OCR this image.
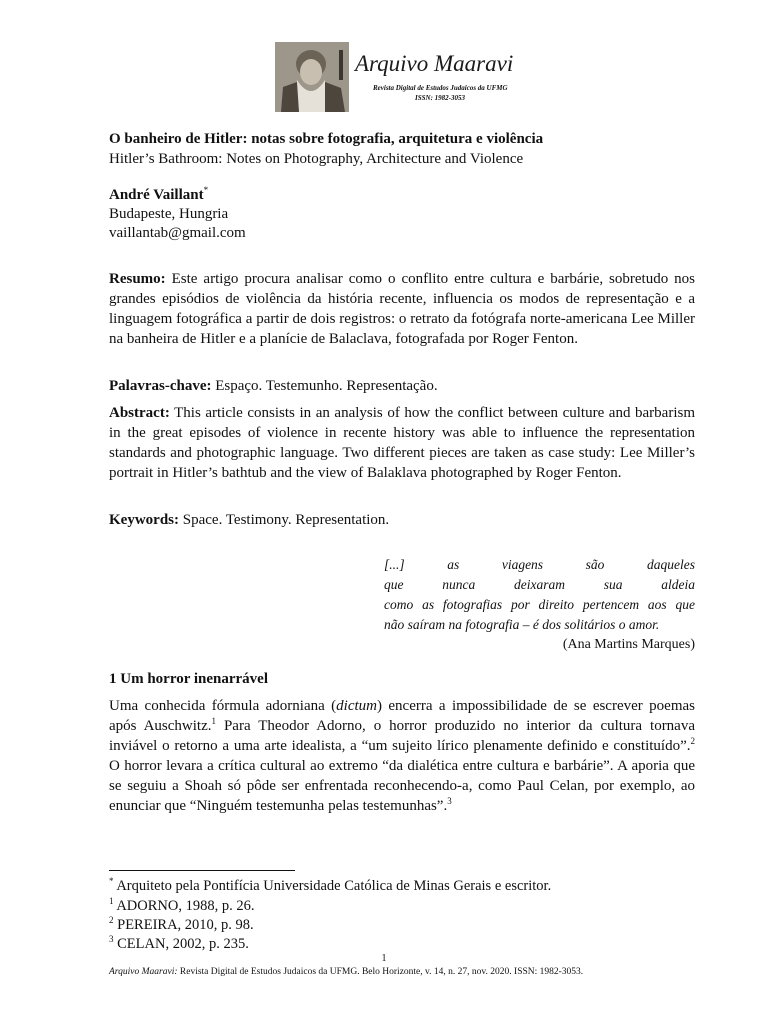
Arquivo Maaravi
Revista Digital de Estudos Judaicos da UFMG
ISSN: 1982-3053
O banheiro de Hitler: notas sobre fotografia, arquitetura e violência
Hitler’s Bathroom: Notes on Photography, Architecture and Violence
André Vaillant*
Budapeste, Hungria
vaillantab@gmail.com
Resumo: Este artigo procura analisar como o conflito entre cultura e barbárie, sobretudo nos grandes episódios de violência da história recente, influencia os modos de representação e a linguagem fotográfica a partir de dois registros: o retrato da fotógrafa norte-americana Lee Miller na banheira de Hitler e a planície de Balaclava, fotografada por Roger Fenton.
Palavras-chave: Espaço. Testemunho. Representação.
Abstract: This article consists in an analysis of how the conflict between culture and barbarism in the great episodes of violence in recente history was able to influence the representation standards and photographic language. Two different pieces are taken as case study: Lee Miller’s portrait in Hitler’s bathtub and the view of Balaklava photographed by Roger Fenton.
Keywords: Space. Testimony. Representation.
[...] as viagens são daqueles
que nunca deixaram sua aldeia
como as fotografias por direito pertencem aos que
não saíram na fotografia – é dos solitários o amor.
(Ana Martins Marques)
1 Um horror inenarrável
Uma conhecida fórmula adorniana (dictum) encerra a impossibilidade de se escrever poemas após Auschwitz.$^1$ Para Theodor Adorno, o horror produzido no interior da cultura tornava inviável o retorno a uma arte idealista, a “um sujeito lírico plenamente definido e constituído”.$^2$ O horror levara a crítica cultural ao extremo “da dialética entre cultura e barbárie”. A aporia que se seguiu a Shoah só pôde ser enfrentada reconhecendo-a, como Paul Celan, por exemplo, ao enunciar que “Ninguém testemunha pelas testemunhas”.$^3$
* Arquiteto pela Pontifícia Universidade Católica de Minas Gerais e escritor.
$^1$ ADORNO, 1988, p. 26.
$^2$ PEREIRA, 2010, p. 98.
$^3$ CELAN, 2002, p. 235.
1
Arquivo Maaravi: Revista Digital de Estudos Judaicos da UFMG. Belo Horizonte, v. 14, n. 27, nov. 2020. ISSN: 1982-3053.
